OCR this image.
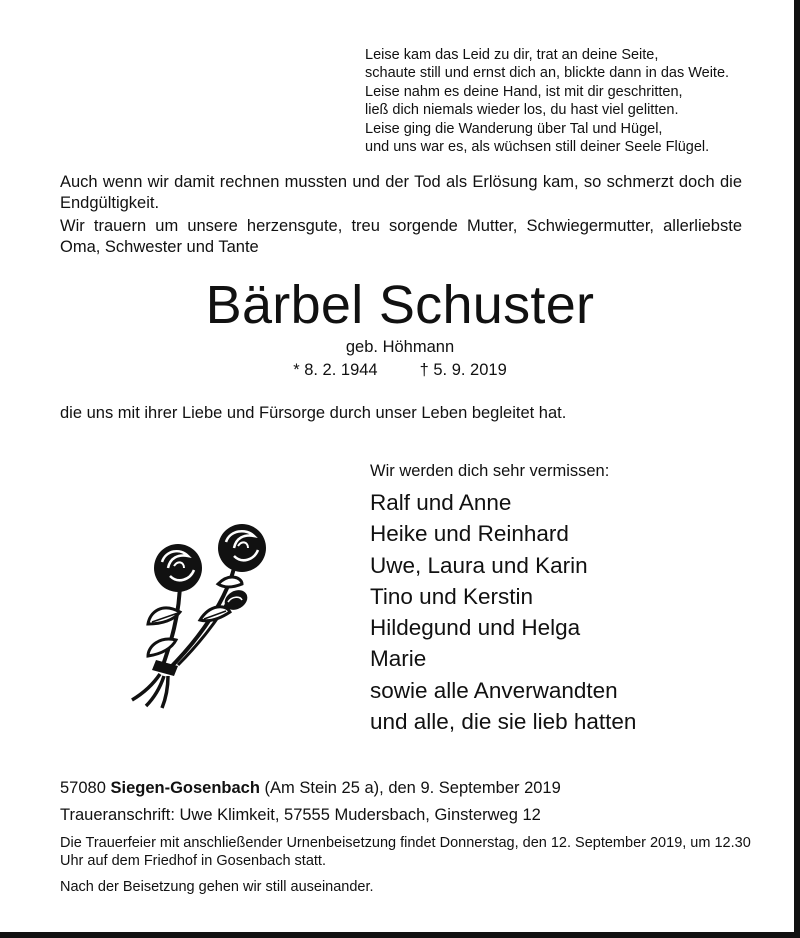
Leise kam das Leid zu dir, trat an deine Seite,
schaute still und ernst dich an, blickte dann in das Weite.
Leise nahm es deine Hand, ist mit dir geschritten,
ließ dich niemals wieder los, du hast viel gelitten.
Leise ging die Wanderung über Tal und Hügel,
und uns war es, als wüchsen still deiner Seele Flügel.
Auch wenn wir damit rechnen mussten und der Tod als Erlösung kam, so schmerzt doch die Endgültigkeit.
Wir trauern um unsere herzensgute, treu sorgende Mutter, Schwiegermutter, allerliebste Oma, Schwester und Tante
Bärbel Schuster
geb. Höhmann
* 8. 2. 1944	† 5. 9. 2019
die uns mit ihrer Liebe und Fürsorge durch unser Leben begleitet hat.
Wir werden dich sehr vermissen:
Ralf und Anne
Heike und Reinhard
Uwe, Laura und Karin
Tino und Kerstin
Hildegund und Helga
Marie
sowie alle Anverwandten
und alle, die sie lieb hatten
57080 Siegen-Gosenbach (Am Stein 25 a), den 9. September 2019
Traueranschrift: Uwe Klimkeit, 57555 Mudersbach, Ginsterweg 12
Die Trauerfeier mit anschließender Urnenbeisetzung findet Donnerstag, den 12. September 2019, um 12.30 Uhr auf dem Friedhof in Gosenbach statt.
Nach der Beisetzung gehen wir still auseinander.
